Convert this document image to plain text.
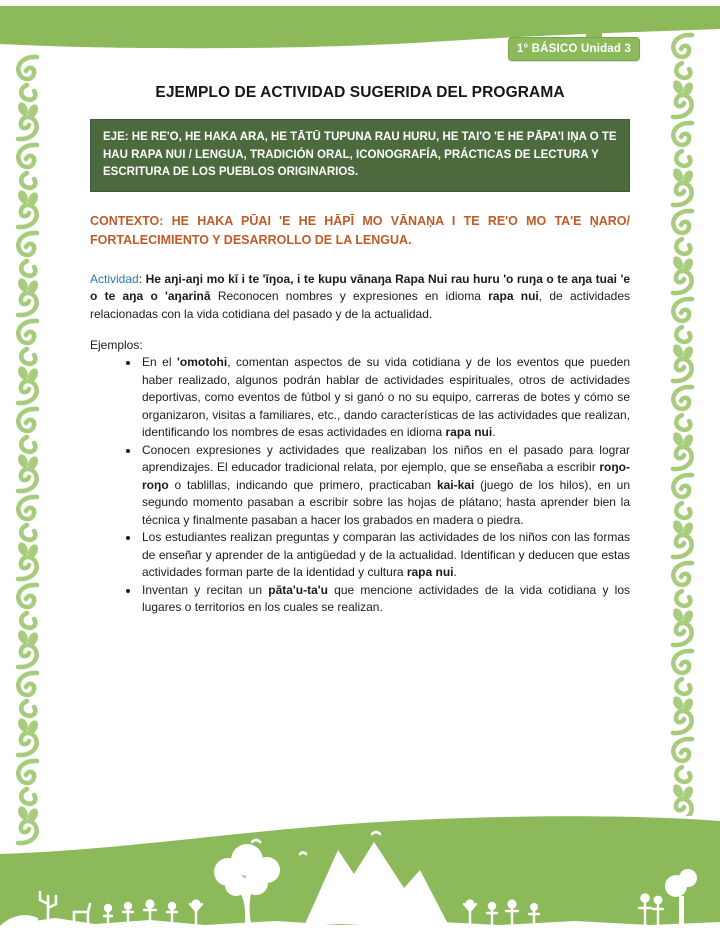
1° BÁSICO Unidad 3
EJEMPLO DE ACTIVIDAD SUGERIDA DEL PROGRAMA
EJE: HE RE'O, HE HAKA ARA, HE TĀTŪ TUPUNA RAU HURU, HE TAI'O 'E HE PĀPA'I IŅA O TE HAU RAPA NUI / LENGUA, TRADICIÓN ORAL, ICONOGRAFÍA, PRÁCTICAS DE LECTURA Y ESCRITURA DE LOS PUEBLOS ORIGINARIOS.
CONTEXTO: HE HAKA PŪAI 'E HE HĀPĪ MO VĀNAŅA I TE RE'O MO TA'E ŅARO/ FORTALECIMIENTO Y DESARROLLO DE LA LENGUA.

Actividad: He aŋi-aŋi mo kī i te 'īŋoa, i te kupu vānaŋa Rapa Nui rau huru 'o ruŋa o te aŋa tuai 'e o te aŋa o 'aŋarinā Reconocen nombres y expresiones en idioma rapa nui, de actividades relacionadas con la vida cotidiana del pasado y de la actualidad.

Ejemplos:
• En el 'omotohi, comentan aspectos de su vida cotidiana y de los eventos que pueden haber realizado, algunos podrán hablar de actividades espirituales, otros de actividades deportivas, como eventos de fútbol y si ganó o no su equipo, carreras de botes y cómo se organizaron, visitas a familiares, etc., dando características de las actividades que realizan, identificando los nombres de esas actividades en idioma rapa nui.
• Conocen expresiones y actividades que realizaban los niños en el pasado para lograr aprendizajes. El educador tradicional relata, por ejemplo, que se enseñaba a escribir roŋo-roŋo o tablillas, indicando que primero, practicaban kai-kai (juego de los hilos), en un segundo momento pasaban a escribir sobre las hojas de plátano; hasta aprender bien la técnica y finalmente pasaban a hacer los grabados en madera o piedra.
• Los estudiantes realizan preguntas y comparan las actividades de los niños con las formas de enseñar y aprender de la antigüedad y de la actualidad. Identifican y deducen que estas actividades forman parte de la identidad y cultura rapa nui.
• Inventan y recitan un pāta'u-ta'u que mencione actividades de la vida cotidiana y los lugares o territorios en los cuales se realizan.
